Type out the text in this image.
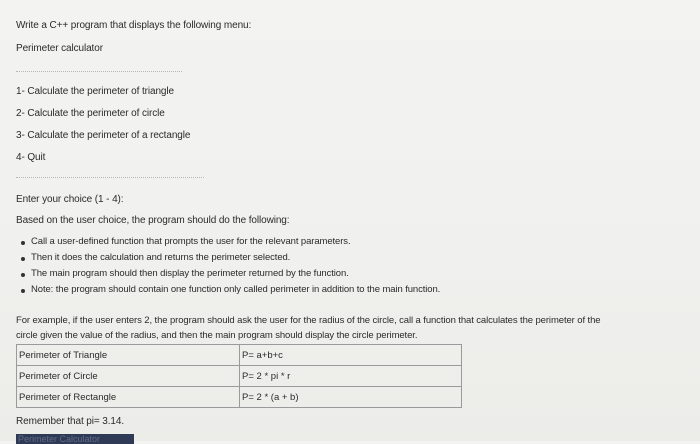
Write a C++ program that displays the following menu:
Perimeter calculator
1- Calculate the perimeter of triangle
2- Calculate the perimeter of circle
3- Calculate the perimeter of a rectangle
4- Quit
Enter your choice (1 - 4):
Based on the user choice, the program should do the following:
Call a user-defined function that prompts the user for the relevant parameters.
Then it does the calculation and returns the perimeter selected.
The main program should then display the perimeter returned by the function.
Note: the program should contain one function only called perimeter in addition to the main function.
For example, if the user enters 2, the program should ask the user for the radius of the circle, call a function that calculates the perimeter of the
circle given the value of the radius, and then the main program should display the circle perimeter.
Perimeter of Triangle	P= a+b+c
Perimeter of Circle	P= 2 * pi * r
Perimeter of Rectangle	P= 2 * (a + b)
Remember that pi= 3.14.
Perimeter Calculator
